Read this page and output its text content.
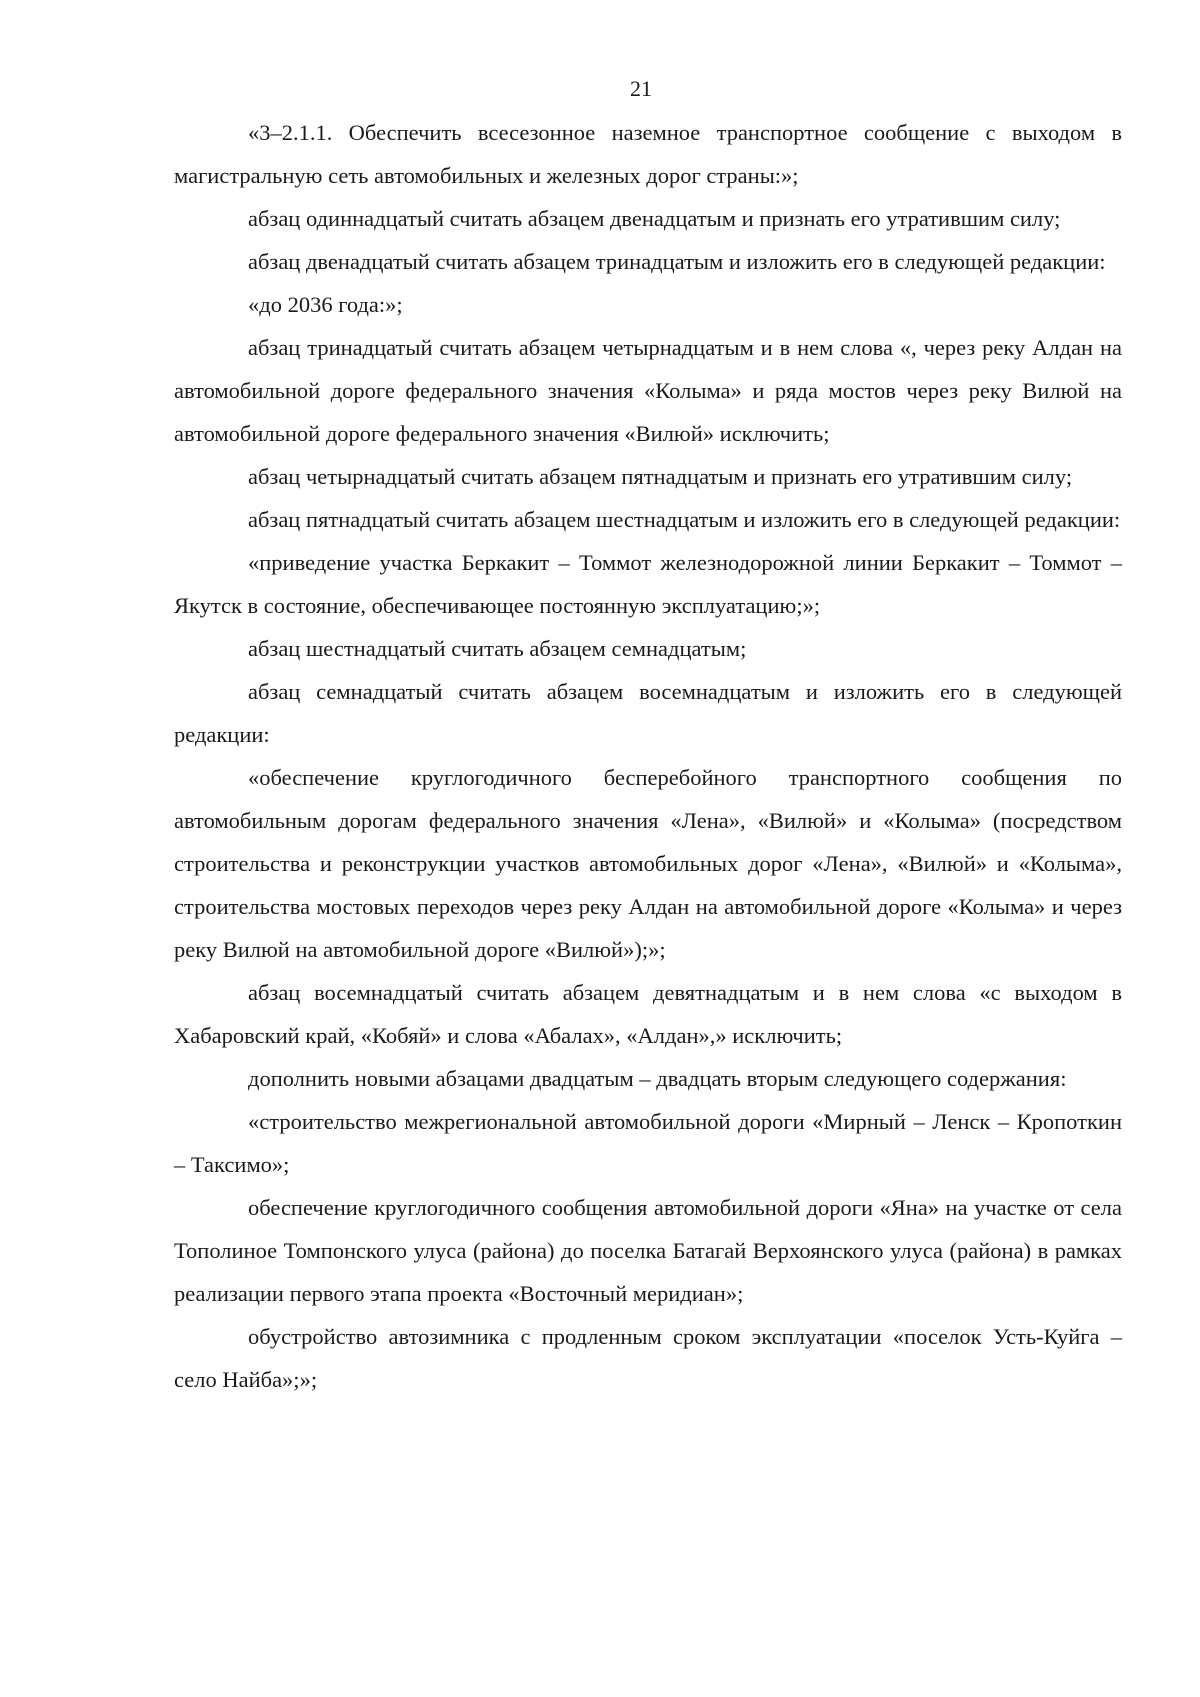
21

«3–2.1.1. Обеспечить всесезонное наземное транспортное сообщение с выходом в магистральную сеть автомобильных и железных дорог страны:»;

абзац одиннадцатый считать абзацем двенадцатым и признать его утратившим силу;

абзац двенадцатый считать абзацем тринадцатым и изложить его в следующей редакции:

«до 2036 года:»;

абзац тринадцатый считать абзацем четырнадцатым и в нем слова «, через реку Алдан на автомобильной дороге федерального значения «Колыма» и ряда мостов через реку Вилюй на автомобильной дороге федерального значения «Вилюй» исключить;

абзац четырнадцатый считать абзацем пятнадцатым и признать его утратившим силу;

абзац пятнадцатый считать абзацем шестнадцатым и изложить его в следующей редакции:

«приведение участка Беркакит – Томмот железнодорожной линии Беркакит – Томмот – Якутск в состояние, обеспечивающее постоянную эксплуатацию;»;

абзац шестнадцатый считать абзацем семнадцатым;

абзац семнадцатый считать абзацем восемнадцатым и изложить его в следующей редакции:

«обеспечение круглогодичного бесперебойного транспортного сообщения по автомобильным дорогам федерального значения «Лена», «Вилюй» и «Колыма» (посредством строительства и реконструкции участков автомобильных дорог «Лена», «Вилюй» и «Колыма», строительства мостовых переходов через реку Алдан на автомобильной дороге «Колыма» и через реку Вилюй на автомобильной дороге «Вилюй»);»;

абзац восемнадцатый считать абзацем девятнадцатым и в нем слова «с выходом в Хабаровский край, «Кобяй» и слова «Абалах», «Алдан»,» исключить;

дополнить новыми абзацами двадцатым – двадцать вторым следующего содержания:

«строительство межрегиональной автомобильной дороги «Мирный – Ленск – Кропоткин – Таксимо»;

обеспечение круглогодичного сообщения автомобильной дороги «Яна» на участке от села Тополиное Томпонского улуса (района) до поселка Батагай Верхоянского улуса (района) в рамках реализации первого этапа проекта «Восточный меридиан»;

обустройство автозимника с продленным сроком эксплуатации «поселок Усть-Куйга – село Найба»;»;
